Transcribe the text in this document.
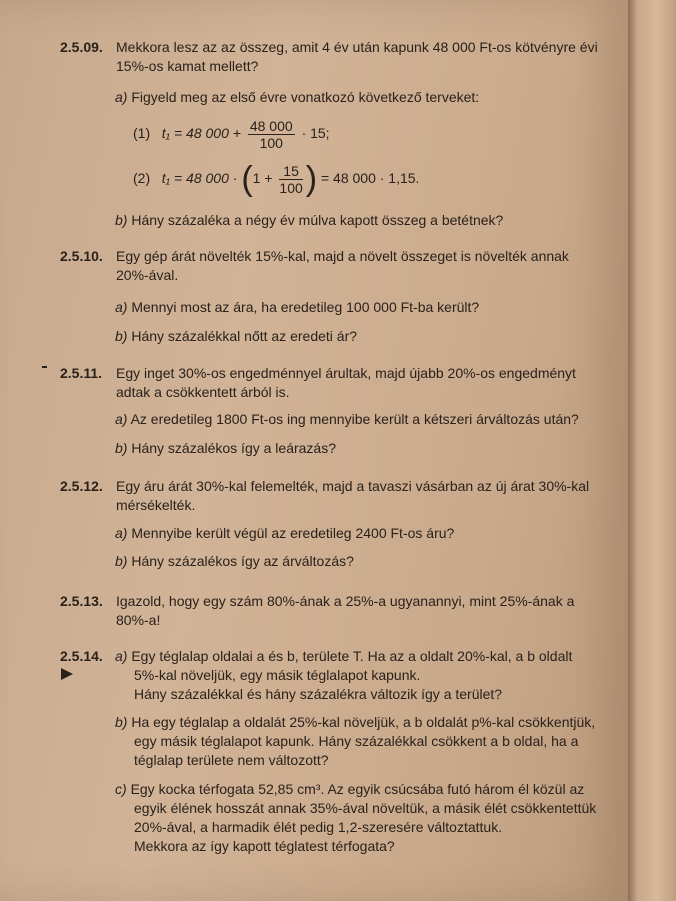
2.5.09. Mekkora lesz az az összeg, amit 4 év után kapunk 48 000 Ft-os kötvényre évi
15%-os kamat mellett?
a) Figyeld meg az első évre vonatkozó következő terveket:
(1) t₁ = 48 $000 + \frac{48 000}{100} \cdot 15$;
(2) t₁ = 48 $000 \cdot (1 + \frac{15}{100}$ ) = 48 000 · 1,15.
b) Hány százaléka a négy év múlva kapott összeg a betétnek?
2.5.10. Egy gép árát növelték 15%-kal, majd a növelt összeget is növelték annak
20%-ával.
a) Mennyi most az ára, ha eredetileg 100 000 Ft-ba került?
b) Hány százalékkal nőtt az eredeti ár?
2.5.11. Egy inget 30%-os engedménnyel árultak, majd újabb 20%-os engedményt
adtak a csökkentett árból is.
a) Az eredetileg 1800 Ft-os ing mennyibe került a kétszeri árváltozás után?
b) Hány százalékos így a leárazás?
2.5.12. Egy áru árát 30%-kal felemelték, majd a tavaszi vásárban az új árat 30%-kal
mérsékelték.
a) Mennyibe került végül az eredetileg 2400 Ft-os áru?
b) Hány százalékos így az árváltozás?
2.5.13. Igazold, hogy egy szám 80%-ának a 25%-a ugyanannyi, mint 25%-ának a
80%-a!
2.5.14. a) Egy téglalap oldalai a és b, területe T. Ha az a oldalt 20%-kal, a b oldalt
5%-kal növeljük, egy másik téglalapot kapunk.
Hány százalékkal és hány százalékra változik így a terület?
b) Ha egy téglalap a oldalát 25%-kal növeljük, a b oldalát p%-kal csökkentjük,
egy másik téglalapot kapunk. Hány százalékkal csökkent a b oldal, ha a
téglalap területe nem változott?
c) Egy kocka térfogata 52,85 cm³. Az egyik csúcsába futó három él közül az
egyik élének hosszát annak 35%-ával növeltük, a másik élét csökkentettük
20%-ával, a harmadik élét pedig 1,2-szeresére változtattuk.
Mekkora az így kapott téglatest térfogata?
